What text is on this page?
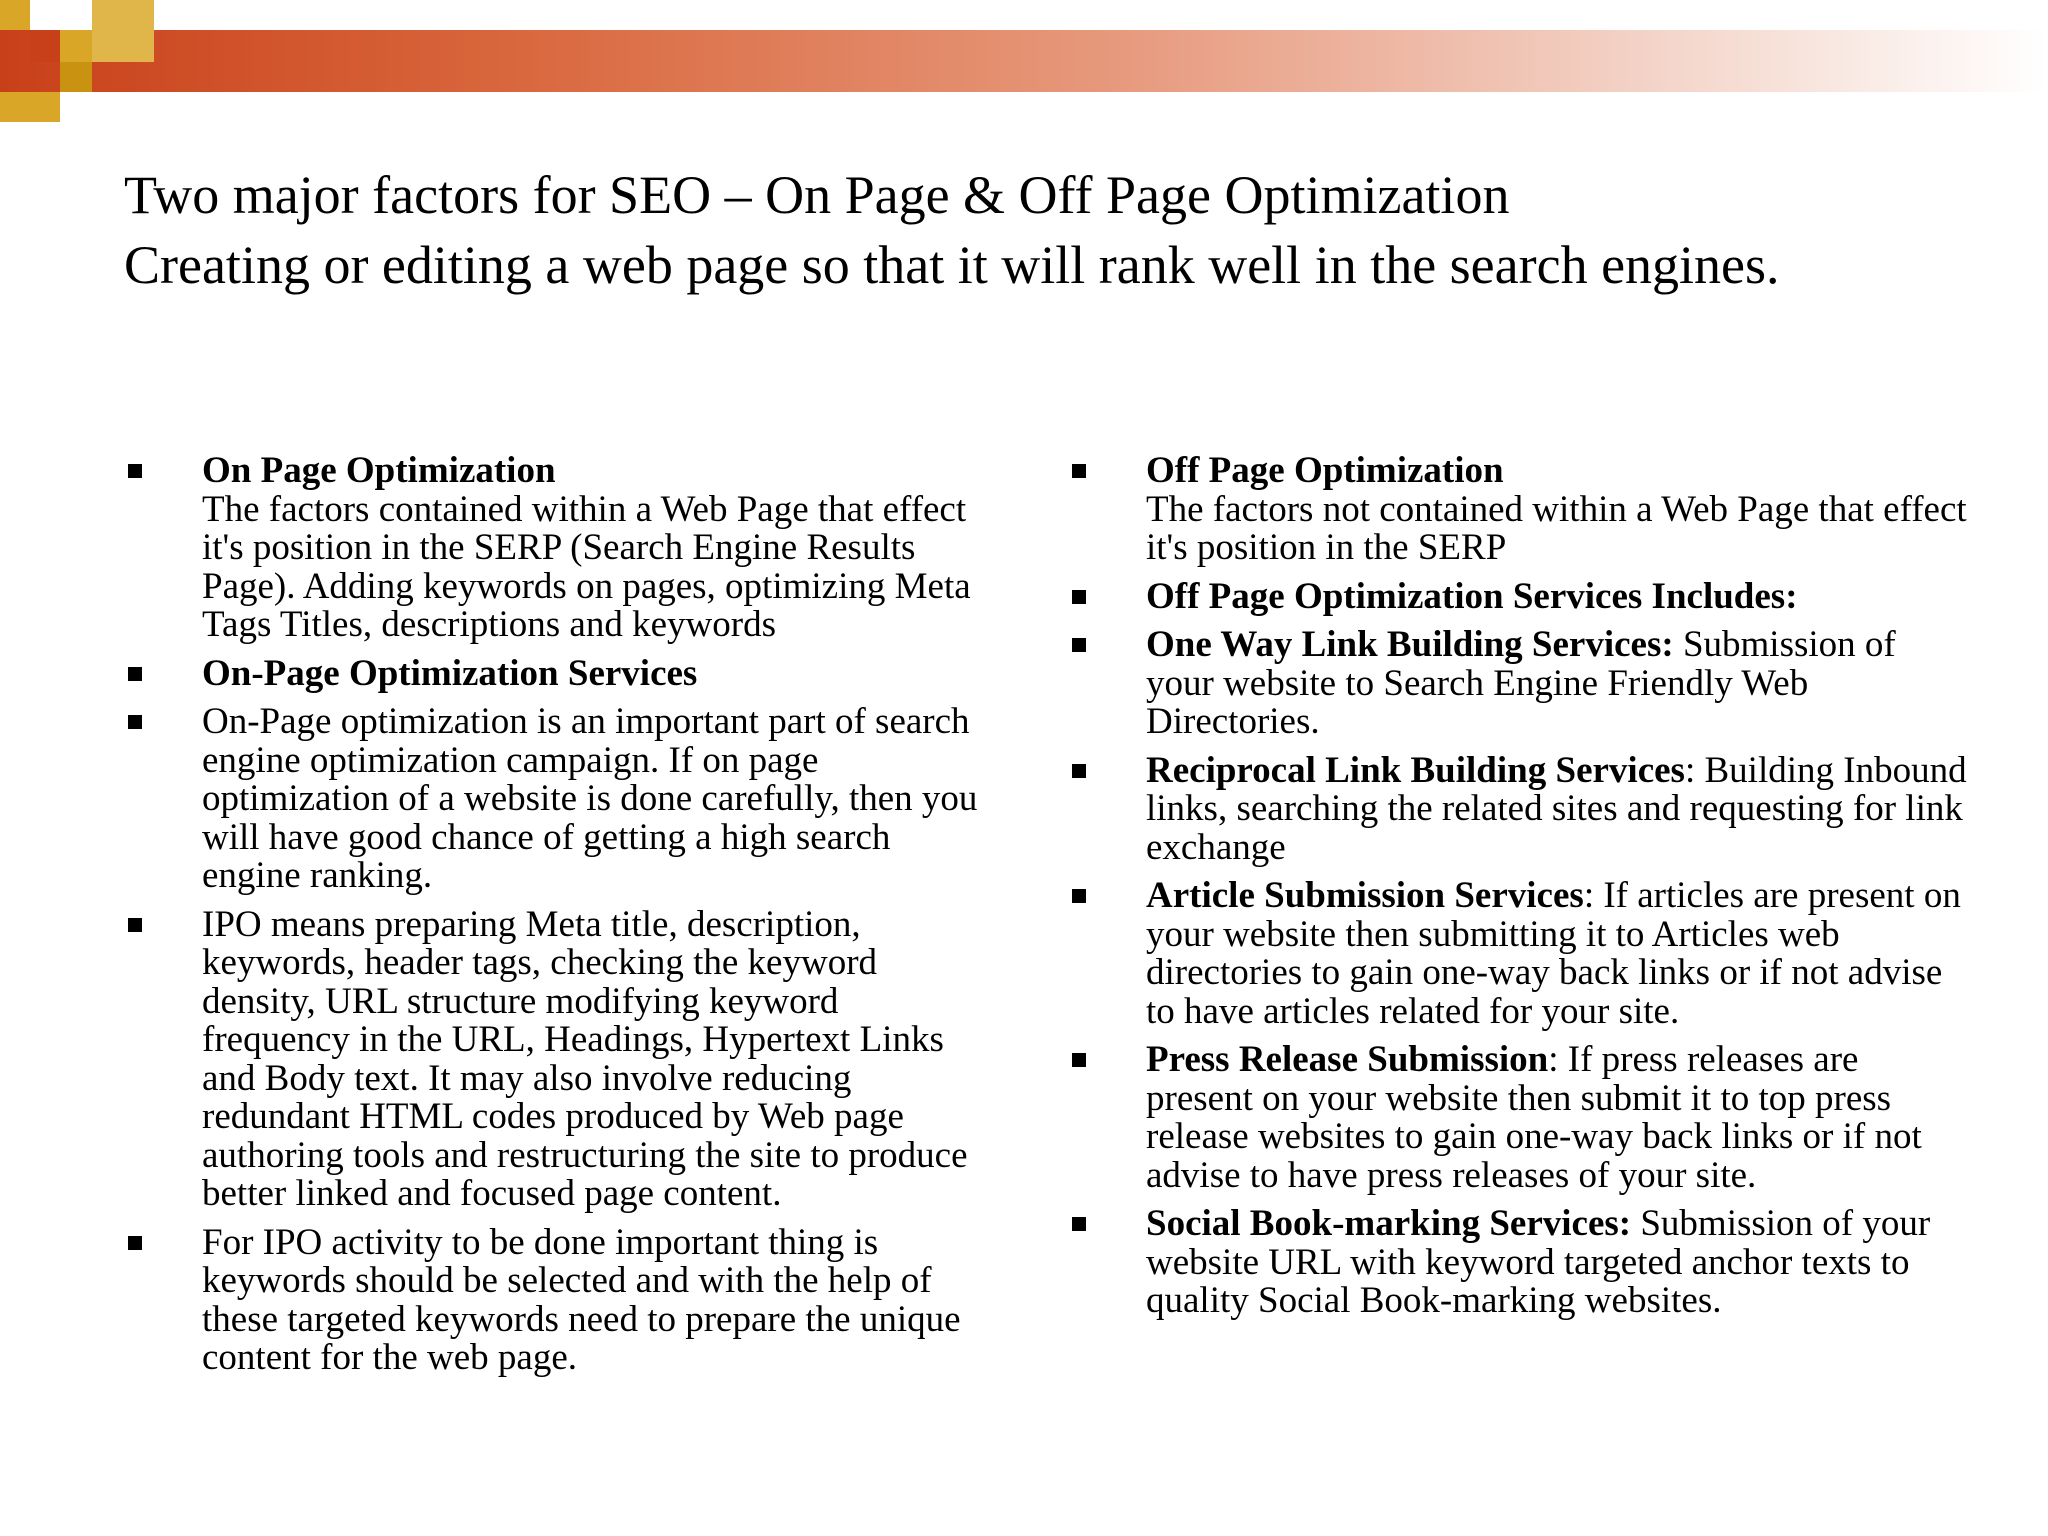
Two major factors for SEO – On Page & Off Page Optimization
Creating or editing a web page so that it will rank well in the search engines.
On Page Optimization
The factors contained within a Web Page that effect it's position in the SERP (Search Engine Results Page). Adding keywords on pages, optimizing Meta Tags Titles, descriptions and keywords
On-Page Optimization Services
On-Page optimization is an important part of search engine optimization campaign. If on page optimization of a website is done carefully, then you will have good chance of getting a high search engine ranking.
IPO means preparing Meta title, description, keywords, header tags, checking the keyword density, URL structure modifying keyword frequency in the URL, Headings, Hypertext Links and Body text. It may also involve reducing redundant HTML codes produced by Web page authoring tools and restructuring the site to produce better linked and focused page content.
For IPO activity to be done important thing is keywords should be selected and with the help of these targeted keywords need to prepare the unique content for the web page.
Off Page Optimization
The factors not contained within a Web Page that effect it's position in the SERP
Off Page Optimization Services Includes:
One Way Link Building Services: Submission of your website to Search Engine Friendly Web Directories.
Reciprocal Link Building Services: Building Inbound links, searching the related sites and requesting for link exchange
Article Submission Services: If articles are present on your website then submitting it to Articles web directories to gain one-way back links or if not advise to have articles related for your site.
Press Release Submission: If press releases are present on your website then submit it to top press release websites to gain one-way back links or if not advise to have press releases of your site.
Social Book-marking Services: Submission of your website URL with keyword targeted anchor texts to quality Social Book-marking websites.
